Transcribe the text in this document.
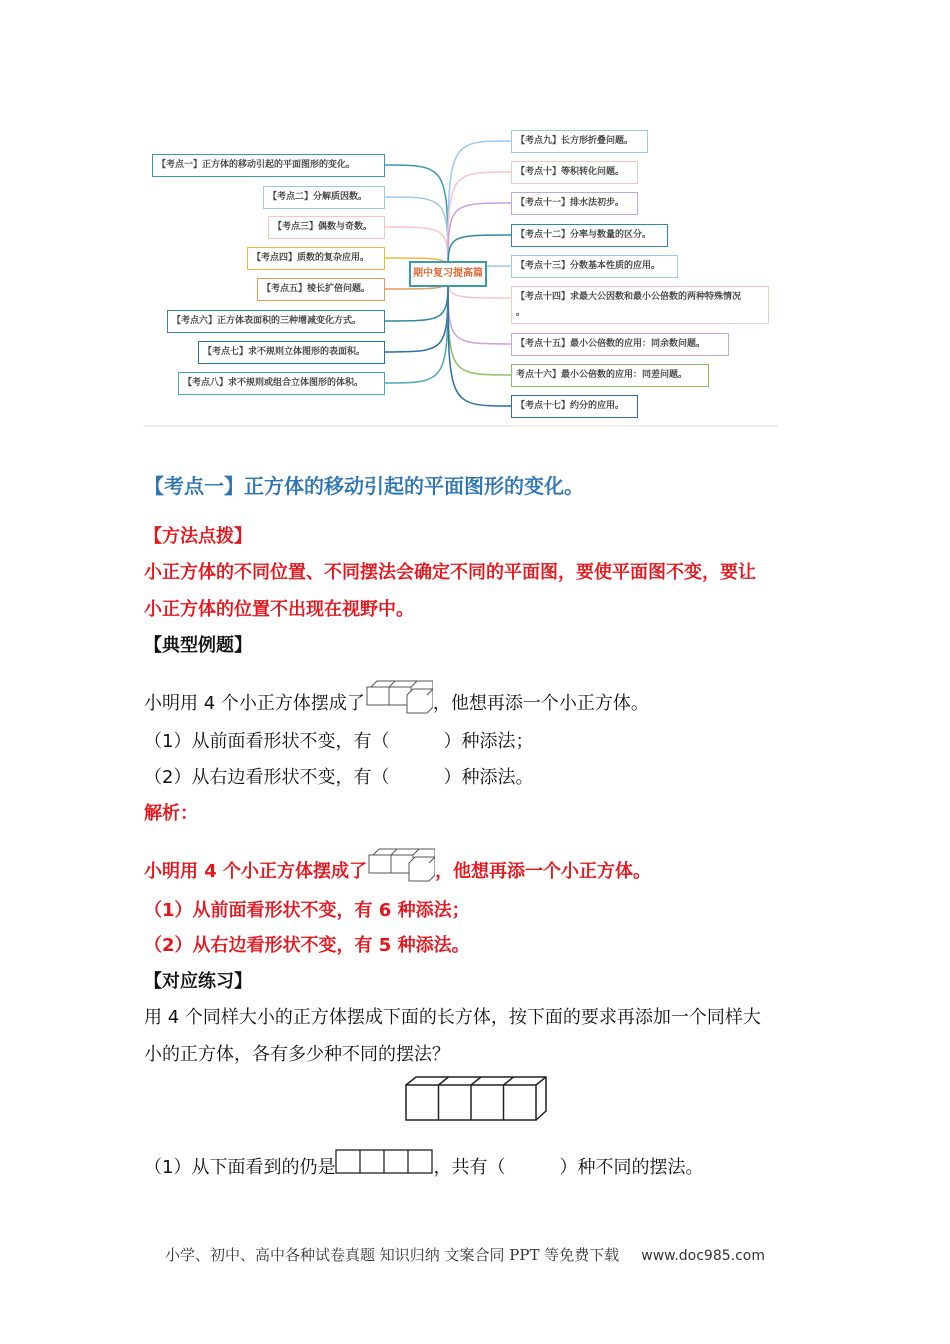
期中复习提高篇
【考点一】正方体的移动引起的平面图形的变化。
【考点二】分解质因数。
【考点三】偶数与奇数。
【考点四】质数的复杂应用。
【考点五】棱长扩倍问题。
【考点六】正方体表面积的三种增减变化方式。
【考点七】求不规则立体图形的表面积。
【考点八】求不规则或组合立体图形的体积。
【考点九】长方形折叠问题。
【考点十】等积转化问题。
【考点十一】排水法初步。
【考点十二】分率与数量的区分。
【考点十三】分数基本性质的应用。
【考点十四】求最大公因数和最小公倍数的两种特殊情况
。
【考点十五】最小公倍数的应用：同余数问题。
考点十六】最小公倍数的应用：同差问题。
【考点十七】约分的应用。
【考点一】正方体的移动引起的平面图形的变化。
【方法点拨】
小正方体的不同位置、不同摆法会确定不同的平面图，要使平面图不变，要让
小正方体的位置不出现在视野中。
【典型例题】
小明用 4 个小正方体摆成了	，他想再添一个小正方体。
（1）从前面看形状不变，有（　　　）种添法；
（2）从右边看形状不变，有（　　　）种添法。
解析：
小明用 4 个小正方体摆成了	，他想再添一个小正方体。
（1）从前面看形状不变，有 6 种添法；
（2）从右边看形状不变，有 5 种添法。
【对应练习】
用 4 个同样大小的正方体摆成下面的长方体，按下面的要求再添加一个同样大
小的正方体，各有多少种不同的摆法？
（1）从下面看到的仍是	，共有（　　　）种不同的摆法。
小学、初中、高中各种试卷真题 知识归纳 文案合同 PPT 等免费下载 www.doc985.com
